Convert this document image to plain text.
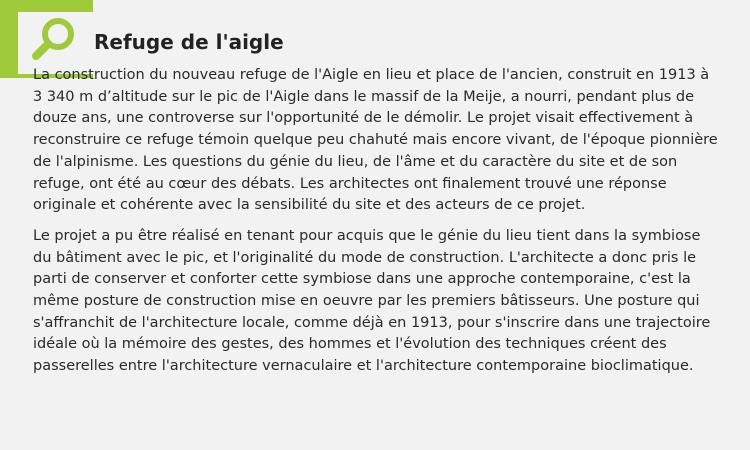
Refuge de l'aigle

La construction du nouveau refuge de l'Aigle en lieu et place de l'ancien, construit en 1913 à 3 340 m d’altitude sur le pic de l'Aigle dans le massif de la Meije, a nourri, pendant plus de douze ans, une controverse sur l'opportunité de le démolir. Le projet visait effectivement à reconstruire ce refuge témoin quelque peu chahuté mais encore vivant, de l'époque pionnière de l'alpinisme. Les questions du génie du lieu, de l'âme et du caractère du site et de son refuge, ont été au cœur des débats. Les architectes ont finalement trouvé une réponse originale et cohérente avec la sensibilité du site et des acteurs de ce projet.

Le projet a pu être réalisé en tenant pour acquis que le génie du lieu tient dans la symbiose du bâtiment avec le pic, et l'originalité du mode de construction. L'architecte a donc pris le parti de conserver et conforter cette symbiose dans une approche contemporaine, c'est la même posture de construction mise en oeuvre par les premiers bâtisseurs. Une posture qui s'affranchit de l'architecture locale, comme déjà en 1913, pour s'inscrire dans une trajectoire idéale où la mémoire des gestes, des hommes et l'évolution des techniques créent des passerelles entre l'architecture vernaculaire et l'architecture contemporaine bioclimatique.
